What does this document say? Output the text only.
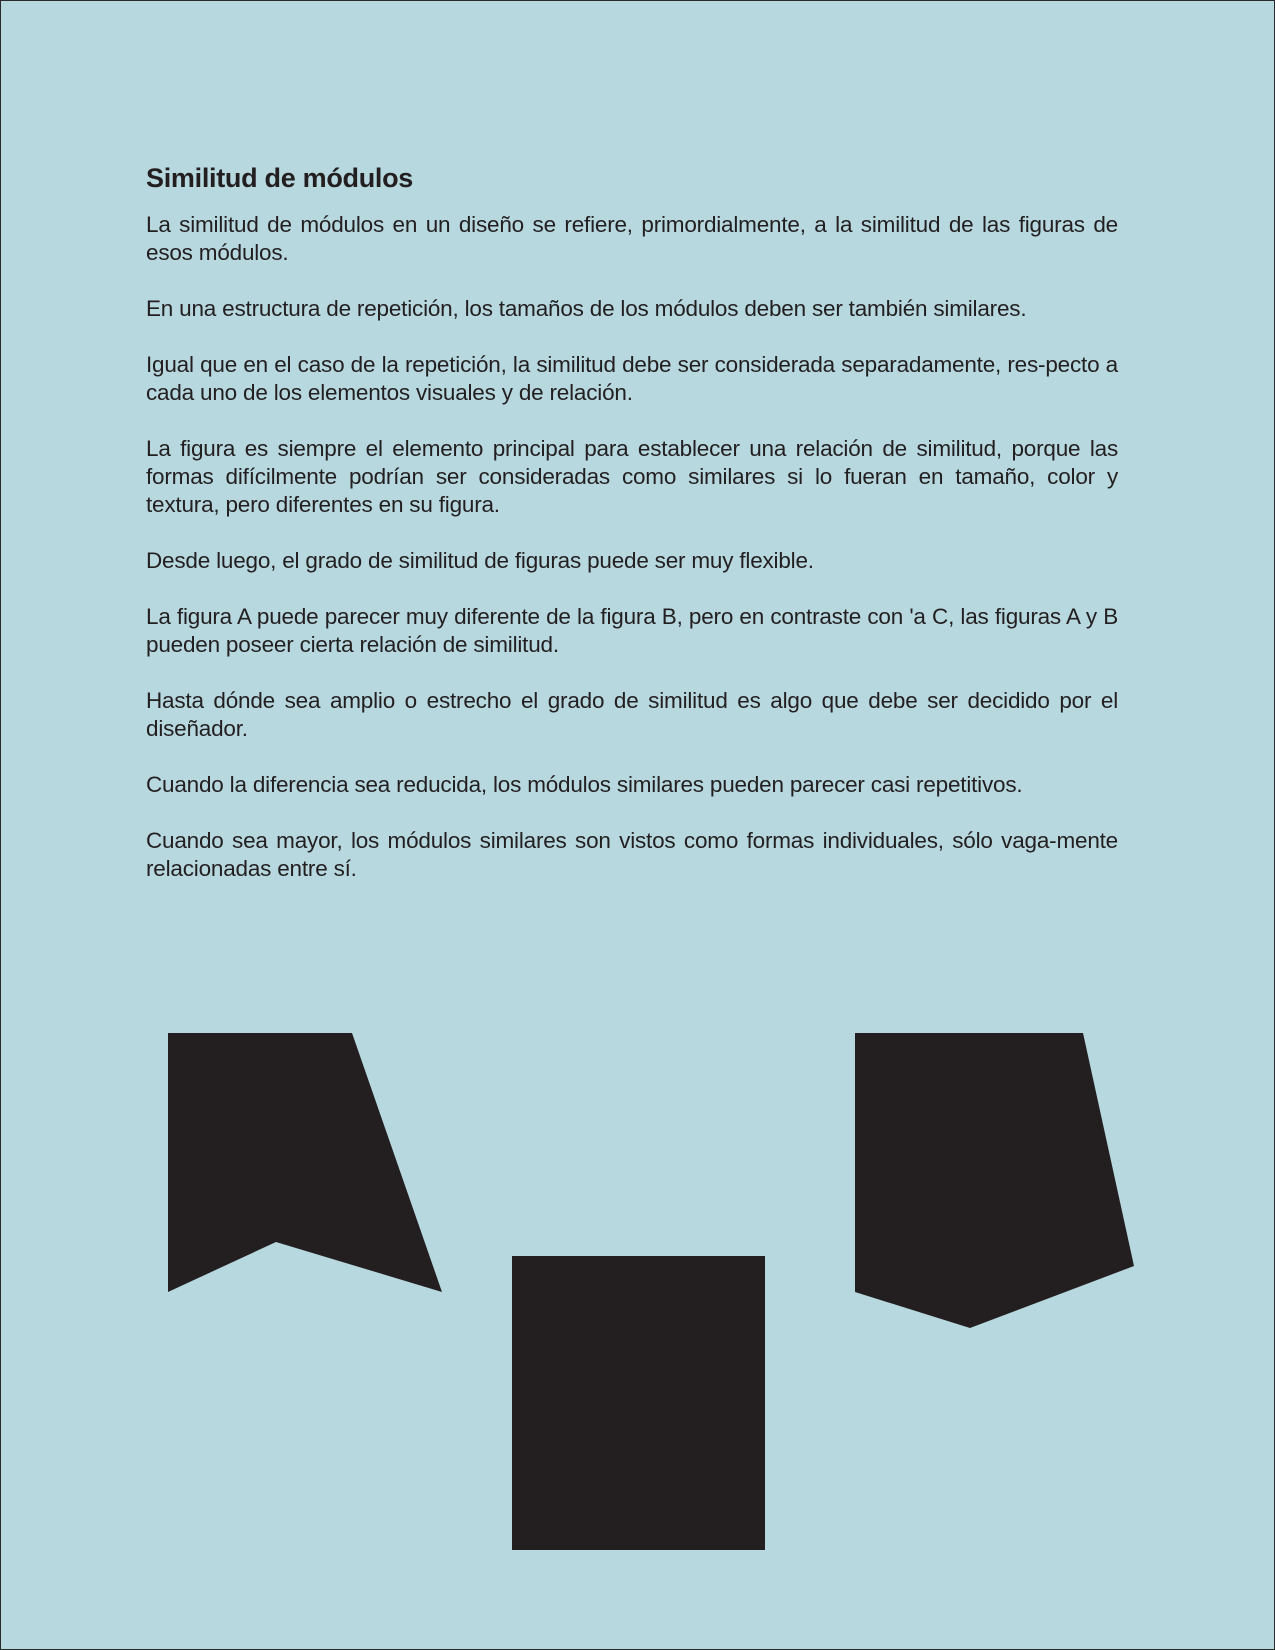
Similitud de módulos

La similitud de módulos en un diseño se refiere, primordialmente, a la similitud de las figuras de esos módulos.

En una estructura de repetición, los tamaños de los módulos deben ser también similares.

Igual que en el caso de la repetición, la similitud debe ser considerada separadamente, res-pecto a cada uno de los elementos visuales y de relación.

La figura es siempre el elemento principal para establecer una relación de similitud, porque las formas difícilmente podrían ser consideradas como similares si lo fueran en tamaño, color y textura, pero diferentes en su figura.

Desde luego, el grado de similitud de figuras puede ser muy flexible.

La figura A puede parecer muy diferente de la figura B, pero en contraste con 'a C, las figuras A y B pueden poseer cierta relación de similitud.

Hasta dónde sea amplio o estrecho el grado de similitud es algo que debe ser decidido por el diseñador.

Cuando la diferencia sea reducida, los módulos similares pueden parecer casi repetitivos.

Cuando sea mayor, los módulos similares son vistos como formas individuales, sólo vaga-mente relacionadas entre sí.
